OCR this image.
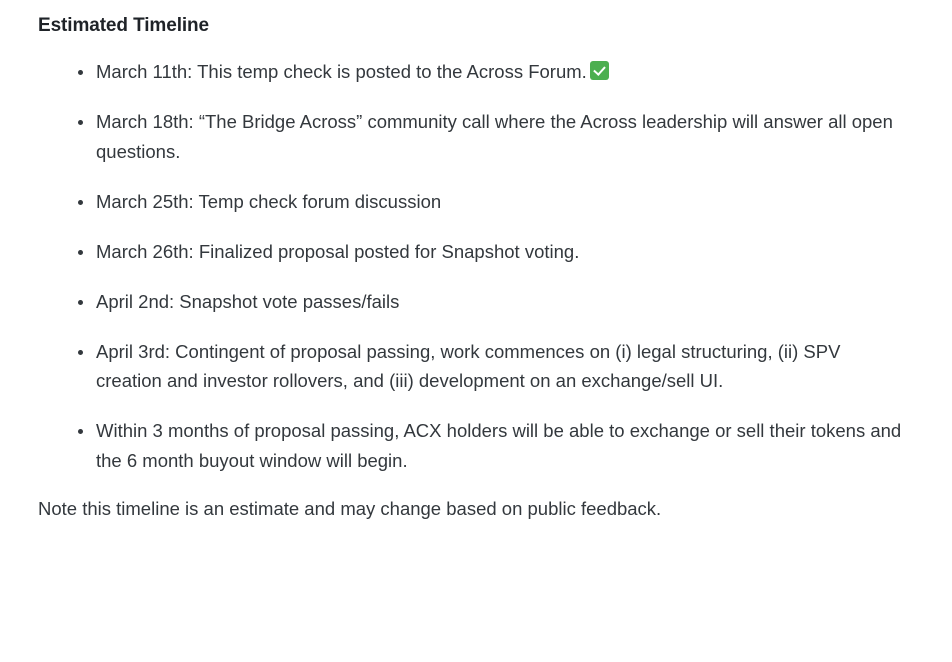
Estimated Timeline
March 11th: This temp check is posted to the Across Forum.
March 18th: “The Bridge Across” community call where the Across leadership will answer all open questions.
March 25th: Temp check forum discussion
March 26th: Finalized proposal posted for Snapshot voting.
April 2nd: Snapshot vote passes/fails
April 3rd: Contingent of proposal passing, work commences on (i) legal structuring, (ii) SPV creation and investor rollovers, and (iii) development on an exchange/sell UI.
Within 3 months of proposal passing, ACX holders will be able to exchange or sell their tokens and the 6 month buyout window will begin.

Note this timeline is an estimate and may change based on public feedback.
